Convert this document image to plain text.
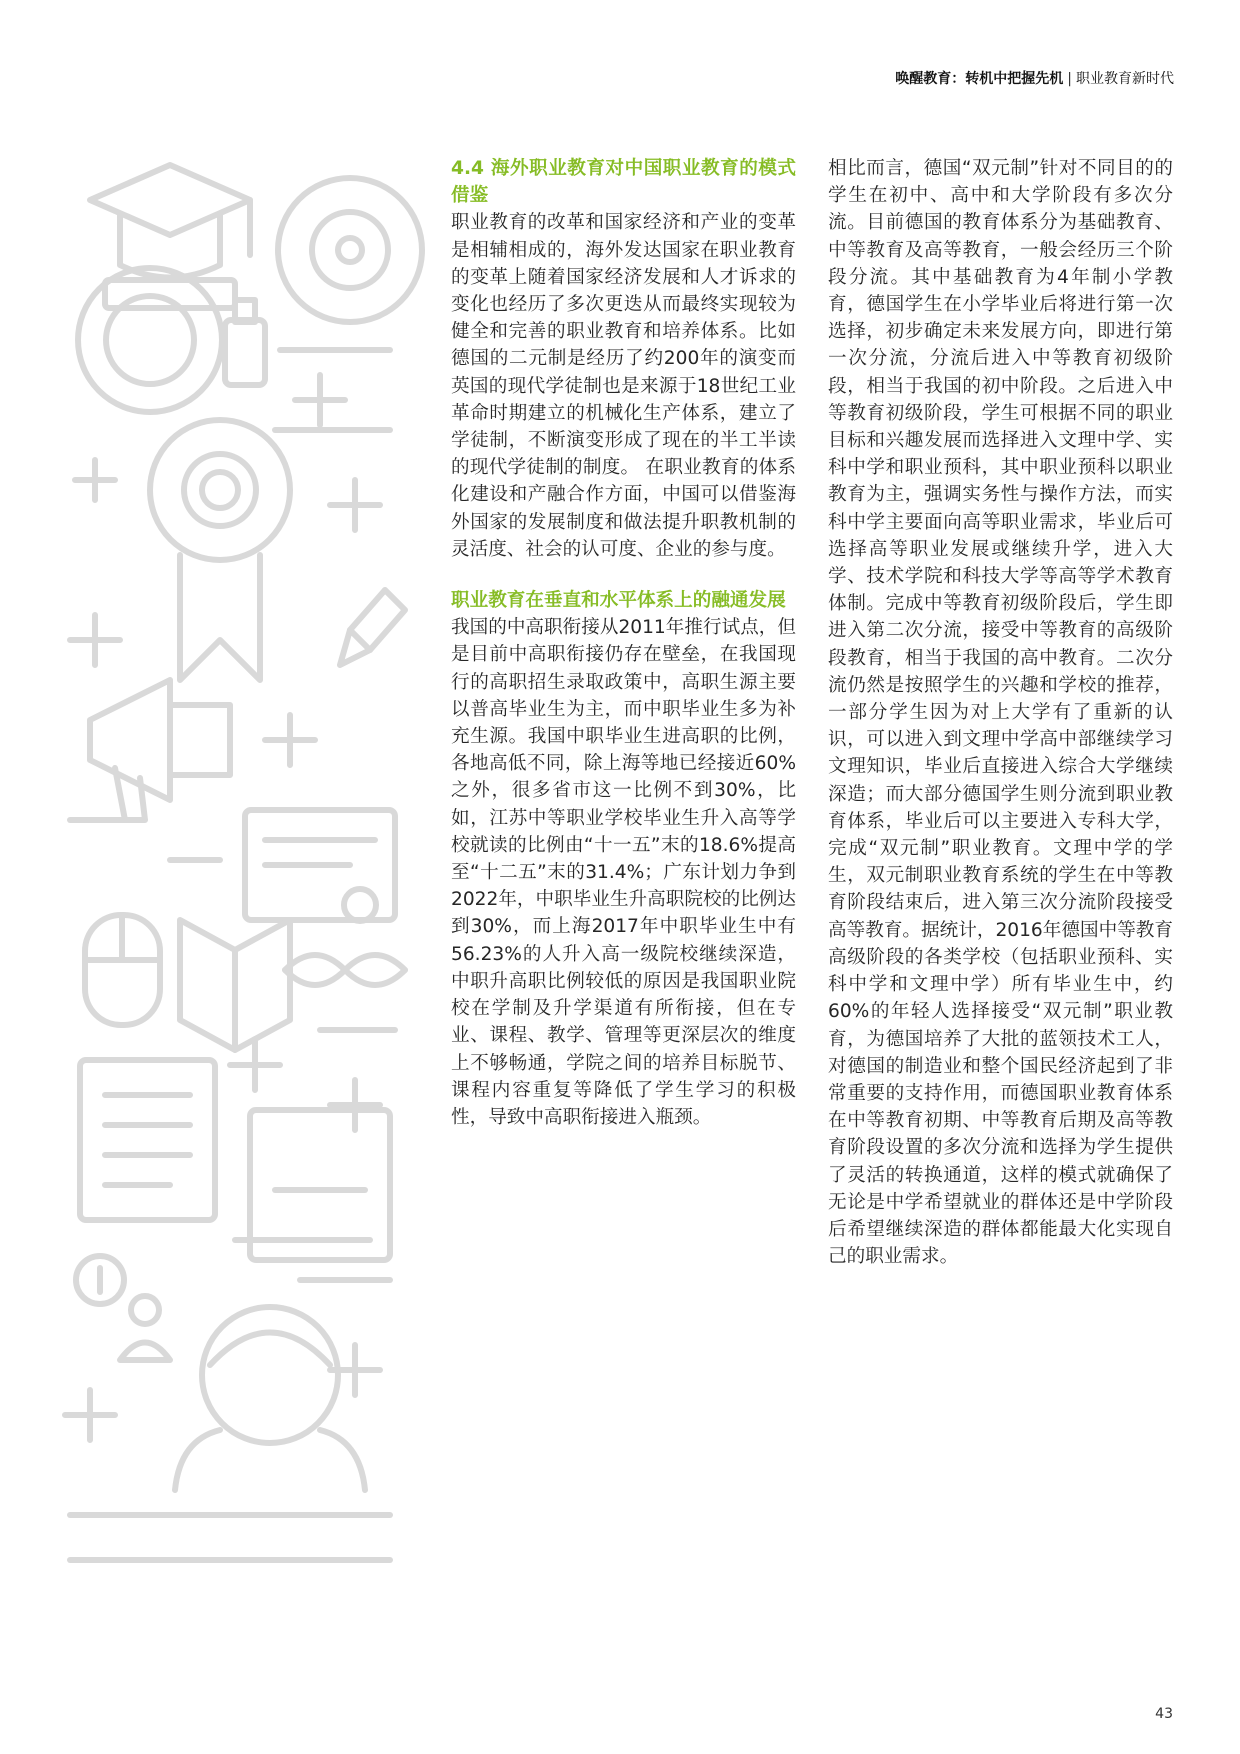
唤醒教育：转机中把握先机 | 职业教育新时代
4.4 海外职业教育对中国职业教育的模式借鉴

职业教育的改革和国家经济和产业的变革是相辅相成的，海外发达国家在职业教育的变革上随着国家经济发展和人才诉求的变化也经历了多次更迭从而最终实现较为健全和完善的职业教育和培养体系。比如德国的二元制是经历了约200年的演变而英国的现代学徒制也是来源于18世纪工业革命时期建立的机械化生产体系，建立了学徒制，不断演变形成了现在的半工半读的现代学徒制的制度。 在职业教育的体系化建设和产融合作方面，中国可以借鉴海外国家的发展制度和做法提升职教机制的灵活度、社会的认可度、企业的参与度。

职业教育在垂直和水平体系上的融通发展

我国的中高职衔接从2011年推行试点，但是目前中高职衔接仍存在壁垒，在我国现行的高职招生录取政策中，高职生源主要以普高毕业生为主，而中职毕业生多为补充生源。我国中职毕业生进高职的比例，各地高低不同，除上海等地已经接近60%之外，很多省市这一比例不到30%，比如，江苏中等职业学校毕业生升入高等学校就读的比例由“十一五”末的18.6%提高至“十二五”末的31.4%；广东计划力争到2022年，中职毕业生升高职院校的比例达到30%，而上海2017年中职毕业生中有56.23%的人升入高一级院校继续深造，中职升高职比例较低的原因是我国职业院校在学制及升学渠道有所衔接，但在专业、课程、教学、管理等更深层次的维度上不够畅通，学院之间的培养目标脱节、课程内容重复等降低了学生学习的积极性，导致中高职衔接进入瓶颈。

相比而言，德国“双元制”针对不同目的的学生在初中、高中和大学阶段有多次分流。目前德国的教育体系分为基础教育、中等教育及高等教育，一般会经历三个阶段分流。其中基础教育为4年制小学教育，德国学生在小学毕业后将进行第一次选择，初步确定未来发展方向，即进行第一次分流，分流后进入中等教育初级阶段，相当于我国的初中阶段。之后进入中等教育初级阶段，学生可根据不同的职业目标和兴趣发展而选择进入文理中学、实科中学和职业预科，其中职业预科以职业教育为主，强调实务性与操作方法，而实科中学主要面向高等职业需求，毕业后可选择高等职业发展或继续升学，进入大学、技术学院和科技大学等高等学术教育体制。完成中等教育初级阶段后，学生即进入第二次分流，接受中等教育的高级阶段教育，相当于我国的高中教育。二次分流仍然是按照学生的兴趣和学校的推荐，一部分学生因为对上大学有了重新的认识，可以进入到文理中学高中部继续学习文理知识，毕业后直接进入综合大学继续深造；而大部分德国学生则分流到职业教育体系，毕业后可以主要进入专科大学，完成“双元制”职业教育。文理中学的学生，双元制职业教育系统的学生在中等教育阶段结束后，进入第三次分流阶段接受高等教育。据统计，2016年德国中等教育高级阶段的各类学校（包括职业预科、实科中学和文理中学）所有毕业生中，约60%的年轻人选择接受“双元制”职业教育，为德国培养了大批的蓝领技术工人，对德国的制造业和整个国民经济起到了非常重要的支持作用，而德国职业教育体系在中等教育初期、中等教育后期及高等教育阶段设置的多次分流和选择为学生提供了灵活的转换通道，这样的模式就确保了无论是中学希望就业的群体还是中学阶段后希望继续深造的群体都能最大化实现自己的职业需求。

43
